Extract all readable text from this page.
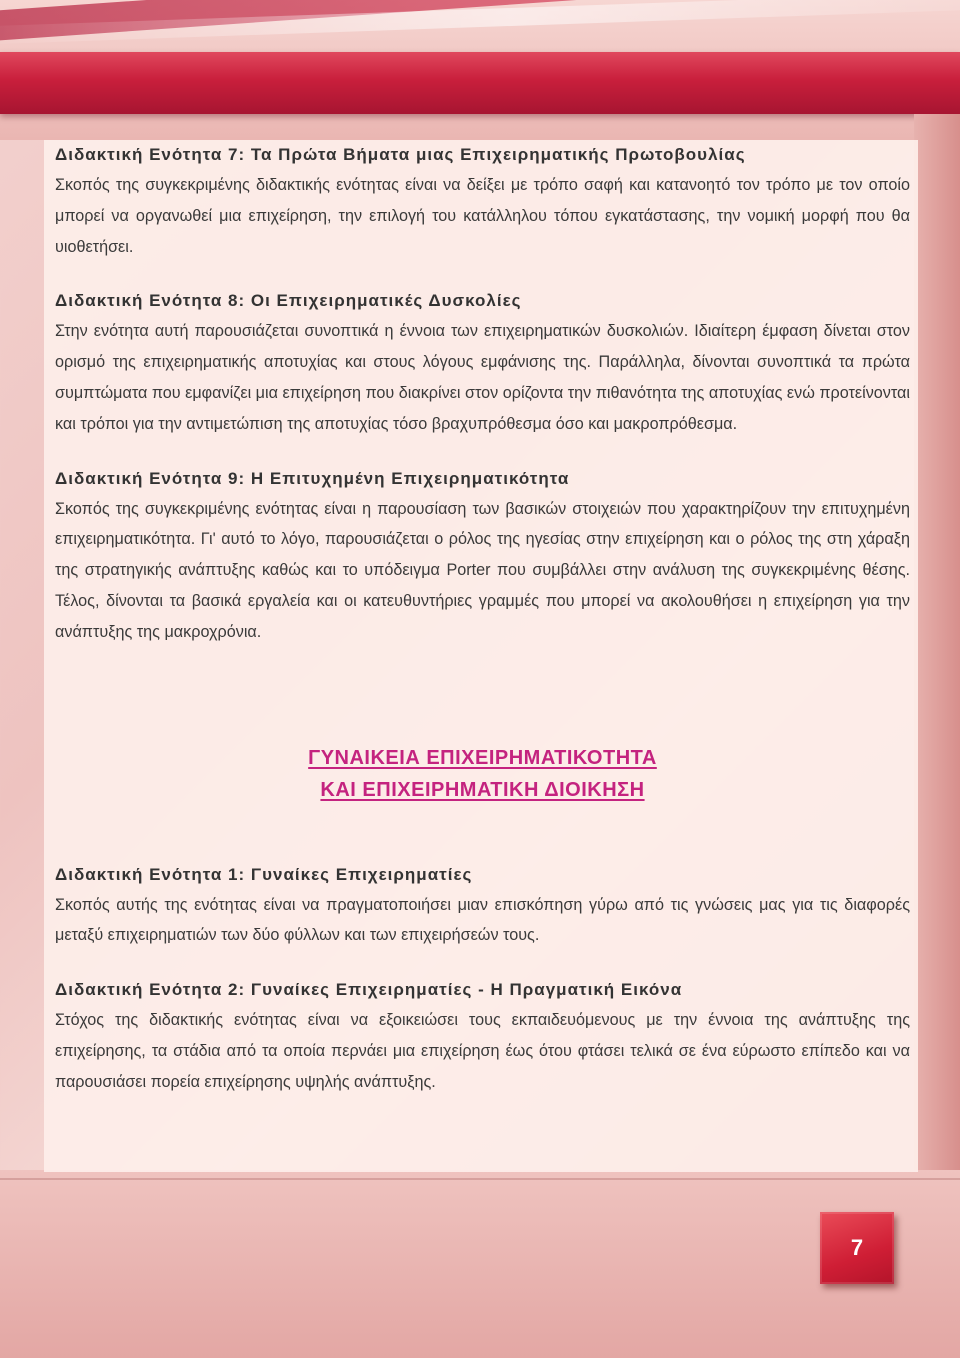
Διδακτική Ενότητα 7: Τα Πρώτα Βήματα μιας Επιχειρηματικής Πρωτοβουλίας
Σκοπός της συγκεκριμένης διδακτικής ενότητας είναι να δείξει με τρόπο σαφή και κατανοητό τον τρόπο με τον οποίο μπορεί να οργανωθεί μια επιχείρηση, την επιλογή του κατάλληλου τόπου εγκατάστασης, την νομική μορφή που θα υιοθετήσει.
Διδακτική Ενότητα 8: Οι Επιχειρηματικές Δυσκολίες
Στην ενότητα αυτή παρουσιάζεται συνοπτικά η έννοια των επιχειρηματικών δυσκολιών. Ιδιαίτερη έμφαση δίνεται στον ορισμό της επιχειρηματικής αποτυχίας και στους λόγους εμφάνισης της. Παράλληλα, δίνονται συνοπτικά τα πρώτα συμπτώματα που εμφανίζει μια επιχείρηση που διακρίνει στον ορίζοντα την πιθανότητα της αποτυχίας ενώ προτείνονται και τρόποι για την αντιμετώπιση της αποτυχίας τόσο βραχυπρόθεσμα όσο και μακροπρόθεσμα.
Διδακτική Ενότητα 9: Η Επιτυχημένη Επιχειρηματικότητα
Σκοπός της συγκεκριμένης ενότητας είναι η παρουσίαση των βασικών στοιχειών που χαρακτηρίζουν την επιτυχημένη επιχειρηματικότητα. Γι' αυτό το λόγο, παρουσιάζεται ο ρόλος της ηγεσίας στην επιχείρηση και ο ρόλος της στη χάραξη της στρατηγικής ανάπτυξης καθώς και το υπόδειγμα Porter που συμβάλλει στην ανάλυση της συγκεκριμένης θέσης. Τέλος, δίνονται τα βασικά εργαλεία και οι κατευθυντήριες γραμμές που μπορεί να ακολουθήσει η επιχείρηση για την ανάπτυξης της μακροχρόνια.
ΓΥΝΑΙΚΕΙΑ ΕΠΙΧΕΙΡΗΜΑΤΙΚΟΤΗΤΑ
ΚΑΙ ΕΠΙΧΕΙΡΗΜΑΤΙΚΗ ΔΙΟΙΚΗΣΗ
Διδακτική Ενότητα 1: Γυναίκες Επιχειρηματίες
Σκοπός αυτής της ενότητας είναι να πραγματοποιήσει μιαν επισκόπηση γύρω από τις γνώσεις μας για τις διαφορές μεταξύ επιχειρηματιών των δύο φύλλων και των επιχειρήσεών τους.
Διδακτική Ενότητα 2: Γυναίκες Επιχειρηματίες - Η Πραγματική Εικόνα
Στόχος της διδακτικής ενότητας είναι να εξοικειώσει τους εκπαιδευόμενους με την έννοια της ανάπτυξης της επιχείρησης, τα στάδια από τα οποία περνάει μια επιχείρηση έως ότου φτάσει τελικά σε ένα εύρωστο επίπεδο και να παρουσιάσει πορεία επιχείρησης υψηλής ανάπτυξης.
7
